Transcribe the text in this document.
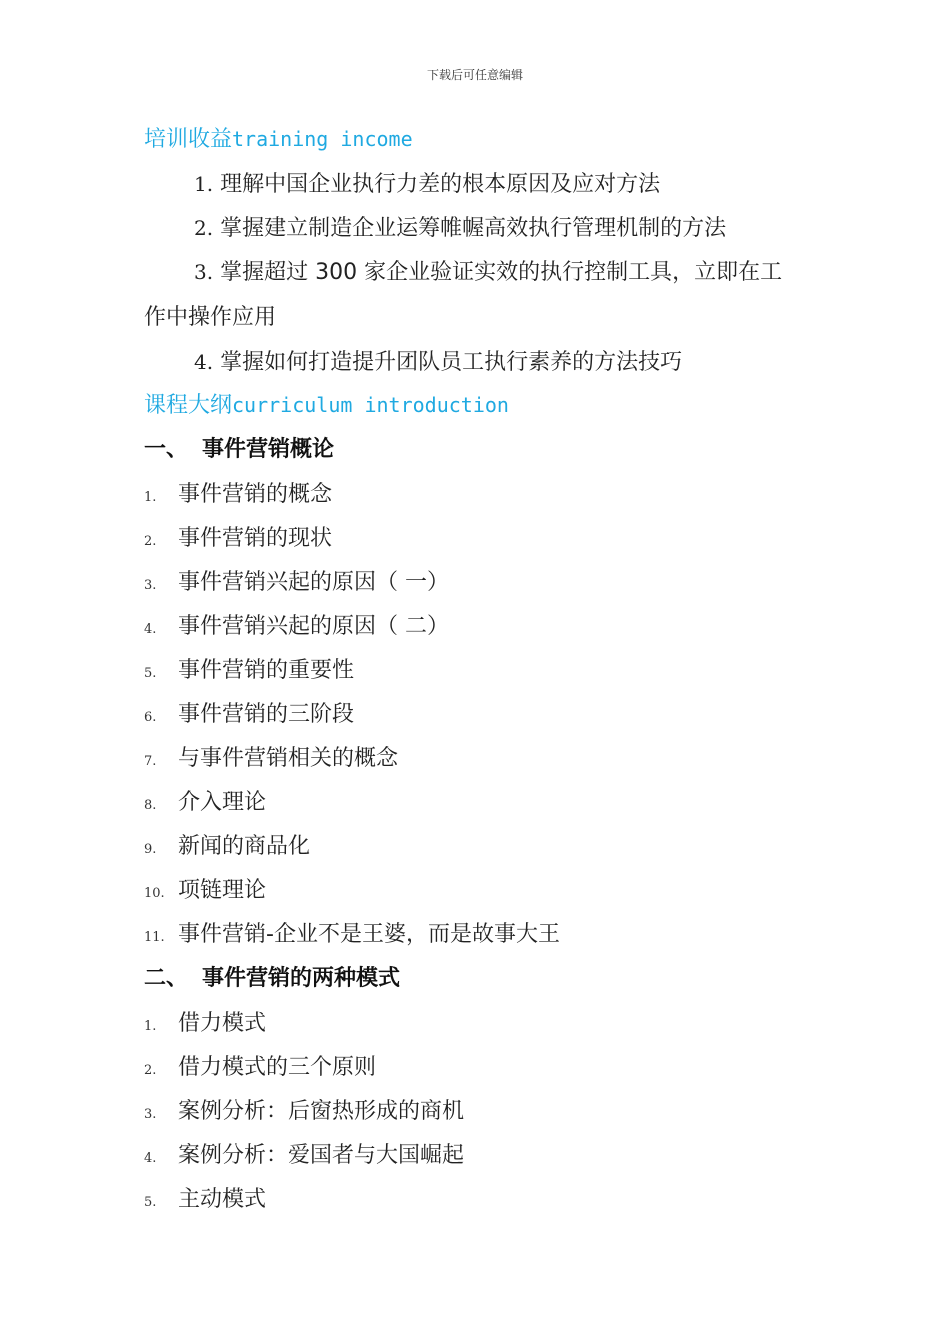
下载后可任意编辑
培训收益training income
1. 理解中国企业执行力差的根本原因及应对方法
2. 掌握建立制造企业运筹帷幄高效执行管理机制的方法
3. 掌握超过 300 家企业验证实效的执行控制工具，立即在工
作中操作应用
4. 掌握如何打造提升团队员工执行素养的方法技巧
课程大纲curriculum introduction
一、 事件营销概论
1. 事件营销的概念
2. 事件营销的现状
3. 事件营销兴起的原因（ 一）
4. 事件营销兴起的原因（ 二）
5. 事件营销的重要性
6. 事件营销的三阶段
7. 与事件营销相关的概念
8. 介入理论
9. 新闻的商品化
10. 项链理论
11. 事件营销-企业不是王婆，而是故事大王
二、 事件营销的两种模式
1. 借力模式
2. 借力模式的三个原则
3. 案例分析：后窗热形成的商机
4. 案例分析：爱国者与大国崛起
5. 主动模式
